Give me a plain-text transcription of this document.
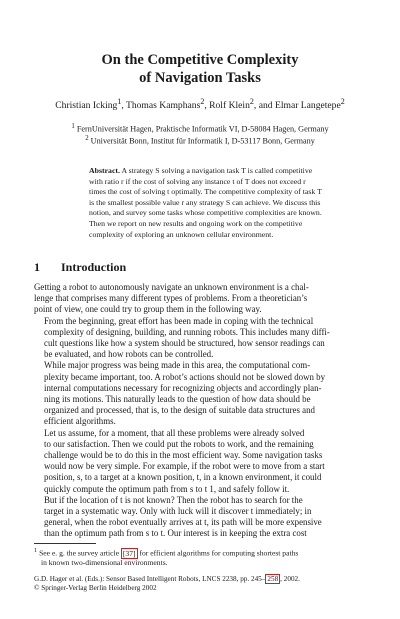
On the Competitive Complexity
of Navigation Tasks
Christian Icking$^1$, Thomas Kamphans$^2$, Rolf Klein$^2$, and Elmar Langetepe$^2$
$^1$ FernUniversität Hagen, Praktische Informatik VI, D-58084 Hagen, Germany
$^2$ Universität Bonn, Institut für Informatik I, D-53117 Bonn, Germany
Abstract. A strategy S solving a navigation task T is called competitive
with ratio r if the cost of solving any instance t of T does not exceed r
times the cost of solving t optimally. The competitive complexity of task T
is the smallest possible value r any strategy S can achieve. We discuss this
notion, and survey some tasks whose competitive complexities are known.
Then we report on new results and ongoing work on the competitive
complexity of exploring an unknown cellular environment.
1 Introduction

Getting a robot to autonomously navigate an unknown environment is a chal-
lenge that comprises many different types of problems. From a theoretician’s
point of view, one could try to group them in the following way.

From the beginning, great effort has been made in coping with the technical
complexity of designing, building, and running robots. This includes many diffi-
cult questions like how a system should be structured, how sensor readings can
be evaluated, and how robots can be controlled.

While major progress was being made in this area, the computational com-
plexity became important, too. A robot’s actions should not be slowed down by
internal computations necessary for recognizing objects and accordingly plan-
ning its motions. This naturally leads to the question of how data should be
organized and processed, that is, to the design of suitable data structures and
efficient algorithms.

Let us assume, for a moment, that all these problems were already solved
to our satisfaction. Then we could put the robots to work, and the remaining
challenge would be to do this in the most efficient way. Some navigation tasks
would now be very simple. For example, if the robot were to move from a start
position, s, to a target at a known position, t, in a known environment, it could
quickly compute the optimum path from s to t 1, and safely follow it.

But if the location of t is not known? Then the robot has to search for the
target in a systematic way. Only with luck will it discover t immediately; in
general, when the robot eventually arrives at t, its path will be more expensive
than the optimum path from s to t. Our interest is in keeping the extra cost

$^1$ See e. g. the survey article [37] for efficient algorithms for computing shortest paths
in known two-dimensional environments.
G.D. Hager et al. (Eds.): Sensor Based Intelligent Robots, LNCS 2238, pp. 245– 258 , 2002.
© Springer-Verlag Berlin Heidelberg 2002
